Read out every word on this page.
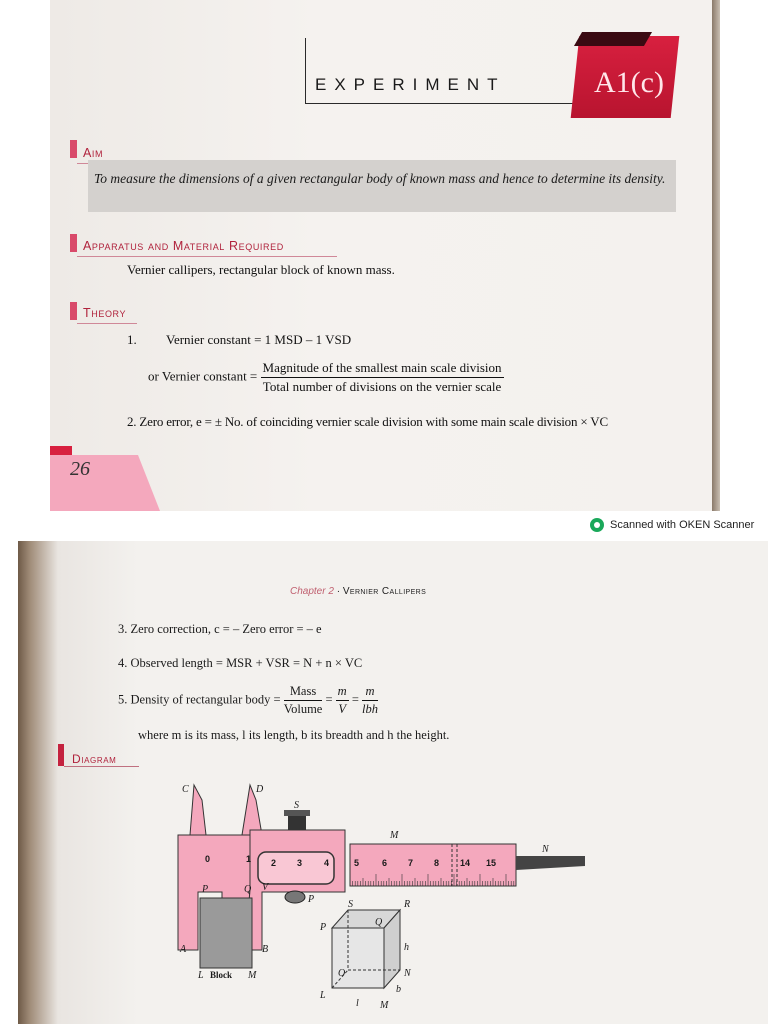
EXPERIMENT	A1(c)
Aim
To measure the dimensions of a given rectangular body of known mass and hence to determine its density.
Apparatus and Material Required
Vernier callipers, rectangular block of known mass.
Theory
1. Vernier constant = 1 MSD – 1 VSD
or Vernier constant = $\frac{\text{Magnitude of the smallest main scale division}}{\text{Total number of divisions on the vernier scale}}$
2. Zero error, e = ± No. of coinciding vernier scale division with some main scale division × VC
26
Scanned with OKEN Scanner
Chapter 2 · Vernier Callipers
3. Zero correction, c = – Zero error = – e
4. Observed length = MSR + VSR = N + n × VC
5. Density of rectangular body = $\frac{\text{Mass}}{\text{Volume}} = \frac{m}{V} = \frac{m}{\text{lbh}}$
where m is its mass, l its length, b its breadth and h the height.
Diagram
0	1 2 3 4	5	6 7 8 14 15
C	D
S
M
N
P	Q V
P
A	B
L Block M
S	R
P	Q
h
O	N
L
l M
b
